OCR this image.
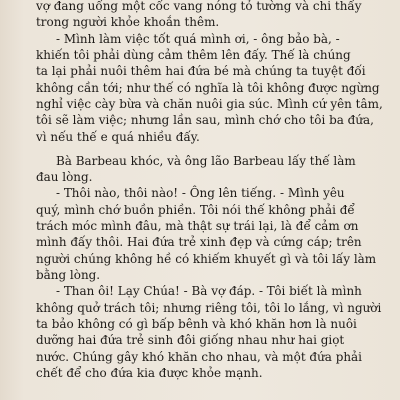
vợ đang uống một cốc vang nóng tỏ tường và chi thấy
trong người khỏe khoắn thêm.
- Mình làm việc tốt quá mình ơi, - ông bảo bà, -
khiến tôi phải dùng cảm thêm lên đấy. Thế là chúng
ta lại phải nuôi thêm hai đứa bé mà chúng ta tuyệt đối
không cần tới; như thế có nghĩa là tôi không được ngừng
nghỉ việc cày bừa và chăn nuôi gia súc. Mình cứ yên tâm,
tôi sẽ làm việc; nhưng lần sau, mình chớ cho tôi ba đứa,
vì nếu thế e quá nhiều đấy.
Bà Barbeau khóc, và ông lão Barbeau lấy thế làm
đau lòng.
- Thôi nào, thôi nào! - Ông lên tiếng. - Mình yêu
quý, mình chớ buồn phiền. Tôi nói thế không phải để
trách móc mình đâu, mà thật sự trái lại, là để cảm ơn
mình đấy thôi. Hai đứa trẻ xinh đẹp và cứng cáp; trên
người chúng không hề có khiếm khuyết gì và tôi lấy làm
bằng lòng.
- Than ôi! Lạy Chúa! - Bà vợ đáp. - Tôi biết là mình
không quở trách tôi; nhưng riêng tôi, tôi lo lắng, vì người
ta bảo không có gì bấp bênh và khó khăn hơn là nuôi
dưỡng hai đứa trẻ sinh đôi giống nhau như hai giọt
nước. Chúng gây khó khăn cho nhau, và một đứa phải
chết để cho đứa kia được khỏe mạnh.
